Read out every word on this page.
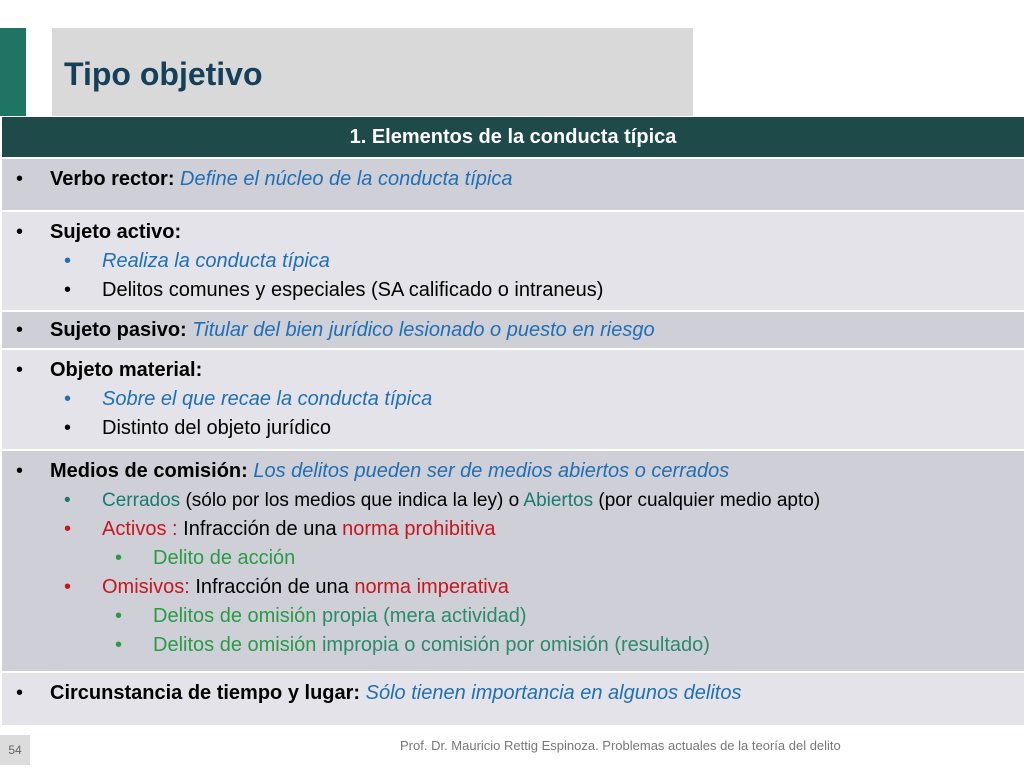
Tipo objetivo
1. Elementos de la conducta típica
• Verbo rector: Define el núcleo de la conducta típica
• Sujeto activo:
• Realiza la conducta típica
• Delitos comunes y especiales (SA calificado o intraneus)
• Sujeto pasivo: Titular del bien jurídico lesionado o puesto en riesgo
• Objeto material:
• Sobre el que recae la conducta típica
• Distinto del objeto jurídico
• Medios de comisión: Los delitos pueden ser de medios abiertos o cerrados
• Cerrados (sólo por los medios que indica la ley) o Abiertos (por cualquier medio apto)
• Activos : Infracción de una norma prohibitiva
• Delito de acción
• Omisivos: Infracción de una norma imperativa
• Delitos de omisión propia (mera actividad)
• Delitos de omisión impropia o comisión por omisión (resultado)
• Circunstancia de tiempo y lugar: Sólo tienen importancia en algunos delitos
54	Prof. Dr. Mauricio Rettig Espinoza. Problemas actuales de la teoría del delito
